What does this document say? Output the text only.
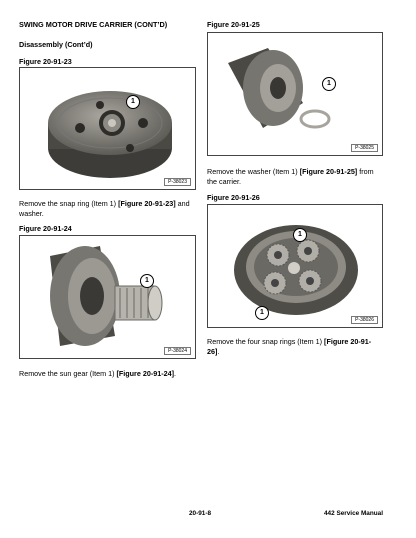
SWING MOTOR DRIVE CARRIER (CONT’D)
Disassembly (Cont’d)
Figure 20-91-23
1
P-38023
Remove the snap ring (Item 1) [Figure 20-91-23] and washer.
Figure 20-91-24
1
P-38024
Remove the sun gear (Item 1) [Figure 20-91-24].
Figure 20-91-25
1
P-38025
Remove the washer (Item 1) [Figure 20-91-25] from the carrier.
Figure 20-91-26
1
1
P-38026
Remove the four snap rings (Item 1) [Figure 20-91-26].
20-91-8	442 Service Manual
